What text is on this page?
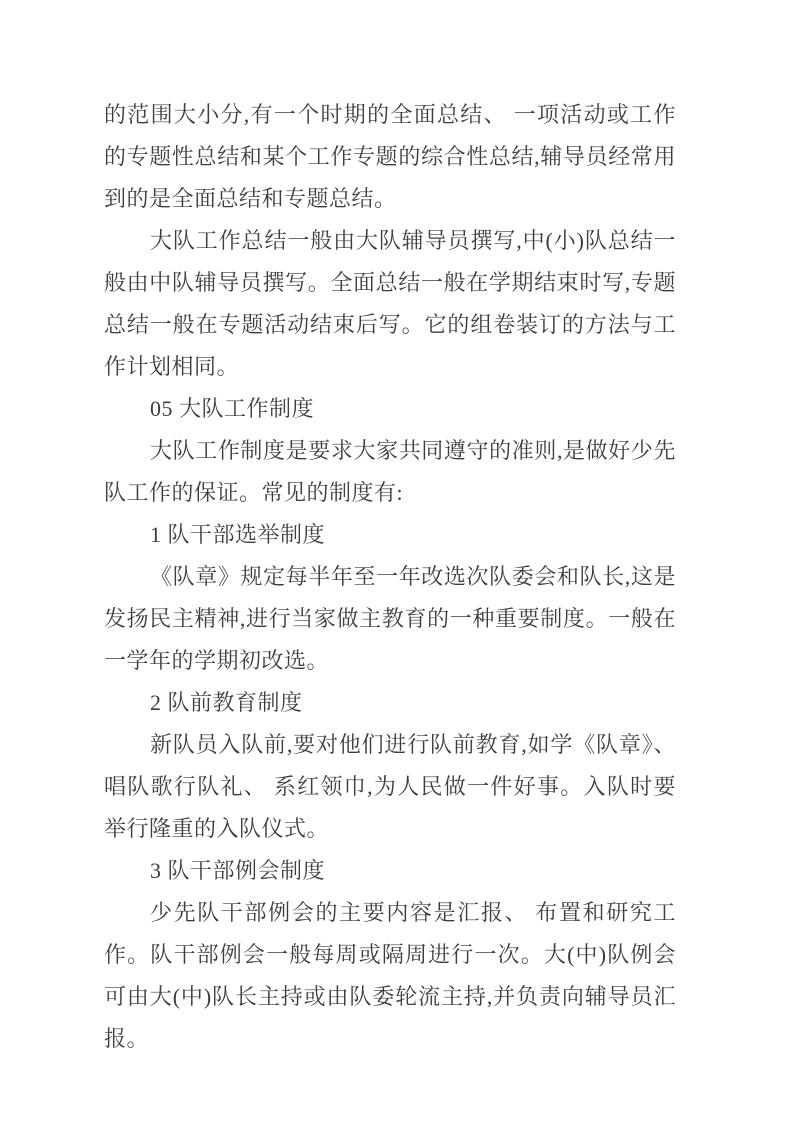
的范围大小分,有一个时期的全面总结、 一项活动或工作的专题性总结和某个工作专题的综合性总结,辅导员经常用到的是全面总结和专题总结。

大队工作总结一般由大队辅导员撰写,中(小)队总结一般由中队辅导员撰写。全面总结一般在学期结束时写,专题总结一般在专题活动结束后写。它的组卷装订的方法与工作计划相同。

05 大队工作制度

大队工作制度是要求大家共同遵守的准则,是做好少先队工作的保证。常见的制度有:

1 队干部选举制度

《队章》规定每半年至一年改选次队委会和队长,这是发扬民主精神,进行当家做主教育的一种重要制度。一般在一学年的学期初改选。

2 队前教育制度

新队员入队前,要对他们进行队前教育,如学《队章》、唱队歌行队礼、 系红领巾,为人民做一件好事。入队时要举行隆重的入队仪式。

3 队干部例会制度

少先队干部例会的主要内容是汇报、 布置和研究工作。队干部例会一般每周或隔周进行一次。大(中)队例会可由大(中)队长主持或由队委轮流主持,并负责向辅导员汇报。
